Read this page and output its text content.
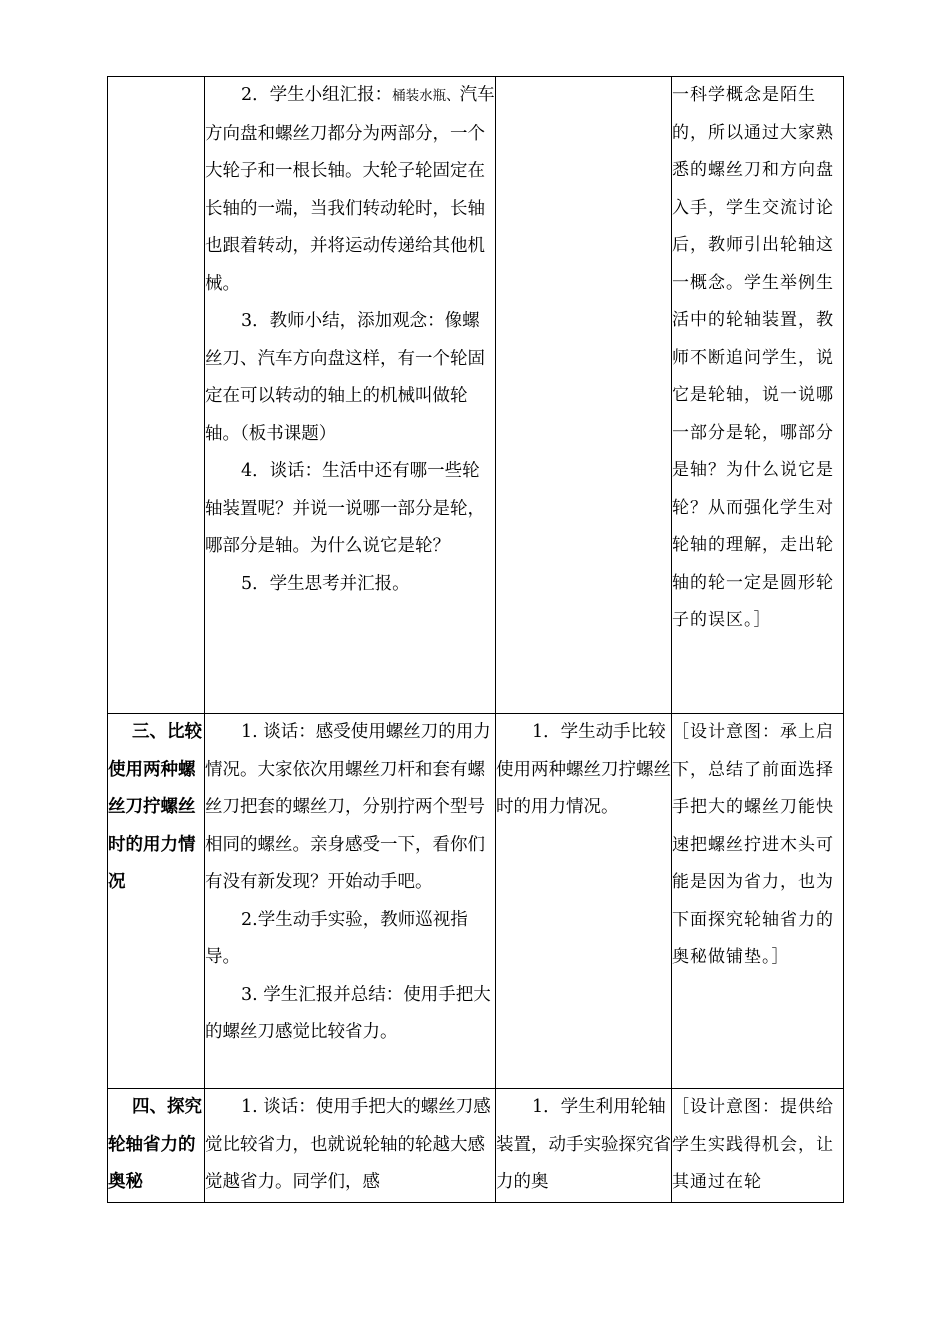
	2．学生小组汇报：桶装水瓶、汽车方向盘和螺丝刀都分为两部分，一个大轮子和一根长轴。大轮子轮固定在长轴的一端，当我们转动轮时，长轴也跟着转动，并将运动传递给其他机械。

3．教师小结，添加观念：像螺丝刀、汽车方向盘这样，有一个轮固定在可以转动的轴上的机械叫做轮轴。（板书课题）

4．谈话：生活中还有哪一些轮轴装置呢？并说一说哪一部分是轮，哪部分是轴。为什么说它是轮？

5．学生思考并汇报。		一科学概念是陌生的，所以通过大家熟悉的螺丝刀和方向盘入手，学生交流讨论后，教师引出轮轴这一概念。学生举例生活中的轮轴装置，教师不断追问学生，说它是轮轴，说一说哪一部分是轮，哪部分是轴？为什么说它是轮？从而强化学生对轮轴的理解，走出轮轴的轮一定是圆形轮子的误区。］

三、比较使用两种螺丝刀拧螺丝时的用力情况	1. 谈话：感受使用螺丝刀的用力情况。大家依次用螺丝刀杆和套有螺丝刀把套的螺丝刀，分别拧两个型号相同的螺丝。亲身感受一下，看你们有没有新发现？开始动手吧。

2.学生动手实验，教师巡视指导。

3. 学生汇报并总结：使用手把大的螺丝刀感觉比较省力。	1．学生动手比较使用两种螺丝刀拧螺丝时的用力情况。	［设计意图：承上启下，总结了前面选择手把大的螺丝刀能快速把螺丝拧进木头可能是因为省力，也为下面探究轮轴省力的奥秘做铺垫。］

四、探究轮轴省力的奥秘	1. 谈话：使用手把大的螺丝刀感觉比较省力，也就说轮轴的轮越大感觉越省力。同学们，感	1．学生利用轮轴装置，动手实验探究省力的奥	［设计意图：提供给学生实践得机会，让其通过在轮
